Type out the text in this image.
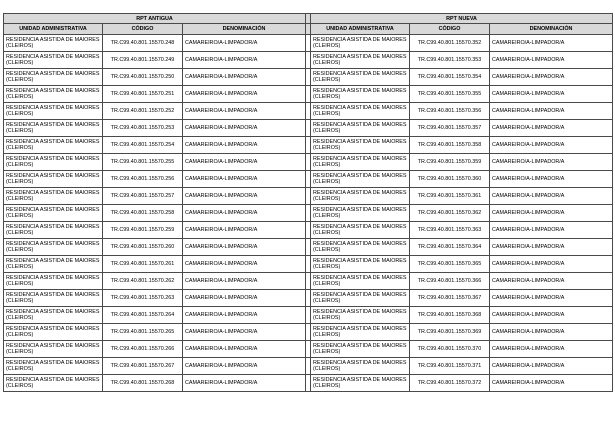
RPT ANTIGUA				RPT NUEVA		
UNIDAD ADMINISTRATIVA	CÓDIGO	DENOMINACIÓN		UNIDAD ADMINISTRATIVA	CÓDIGO	DENOMINACIÓN
RESIDENCIA ASISTIDA DE MAIORES (CLEIROS)	TR.C99.40.801.15570.248	CAMAREIRO/A-LIMPADOR/A		RESIDENCIA ASISTIDA DE MAIORES (CLEIROS)	TR.C99.40.801.15570.352	CAMAREIRO/A-LIMPADOR/A
RESIDENCIA ASISTIDA DE MAIORES (CLEIROS)	TR.C99.40.801.15570.249	CAMAREIRO/A-LIMPADOR/A		RESIDENCIA ASISTIDA DE MAIORES (CLEIROS)	TR.C99.40.801.15570.353	CAMAREIRO/A-LIMPADOR/A
RESIDENCIA ASISTIDA DE MAIORES (CLEIROS)	TR.C99.40.801.15570.250	CAMAREIRO/A-LIMPADOR/A		RESIDENCIA ASISTIDA DE MAIORES (CLEIROS)	TR.C99.40.801.15570.354	CAMAREIRO/A-LIMPADOR/A
RESIDENCIA ASISTIDA DE MAIORES (CLEIROS)	TR.C99.40.801.15570.251	CAMAREIRO/A-LIMPADOR/A		RESIDENCIA ASISTIDA DE MAIORES (CLEIROS)	TR.C99.40.801.15570.355	CAMAREIRO/A-LIMPADOR/A
RESIDENCIA ASISTIDA DE MAIORES (CLEIROS)	TR.C99.40.801.15570.252	CAMAREIRO/A-LIMPADOR/A		RESIDENCIA ASISTIDA DE MAIORES (CLEIROS)	TR.C99.40.801.15570.356	CAMAREIRO/A-LIMPADOR/A
RESIDENCIA ASISTIDA DE MAIORES (CLEIROS)	TR.C99.40.801.15570.253	CAMAREIRO/A-LIMPADOR/A		RESIDENCIA ASISTIDA DE MAIORES (CLEIROS)	TR.C99.40.801.15570.357	CAMAREIRO/A-LIMPADOR/A
RESIDENCIA ASISTIDA DE MAIORES (CLEIROS)	TR.C99.40.801.15570.254	CAMAREIRO/A-LIMPADOR/A		RESIDENCIA ASISTIDA DE MAIORES (CLEIROS)	TR.C99.40.801.15570.358	CAMAREIRO/A-LIMPADOR/A
RESIDENCIA ASISTIDA DE MAIORES (CLEIROS)	TR.C99.40.801.15570.255	CAMAREIRO/A-LIMPADOR/A		RESIDENCIA ASISTIDA DE MAIORES (CLEIROS)	TR.C99.40.801.15570.359	CAMAREIRO/A-LIMPADOR/A
RESIDENCIA ASISTIDA DE MAIORES (CLEIROS)	TR.C99.40.801.15570.256	CAMAREIRO/A-LIMPADOR/A		RESIDENCIA ASISTIDA DE MAIORES (CLEIROS)	TR.C99.40.801.15570.360	CAMAREIRO/A-LIMPADOR/A
RESIDENCIA ASISTIDA DE MAIORES (CLEIROS)	TR.C99.40.801.15570.257	CAMAREIRO/A-LIMPADOR/A		RESIDENCIA ASISTIDA DE MAIORES (CLEIROS)	TR.C99.40.801.15570.361	CAMAREIRO/A-LIMPADOR/A
RESIDENCIA ASISTIDA DE MAIORES (CLEIROS)	TR.C99.40.801.15570.258	CAMAREIRO/A-LIMPADOR/A		RESIDENCIA ASISTIDA DE MAIORES (CLEIROS)	TR.C99.40.801.15570.362	CAMAREIRO/A-LIMPADOR/A
RESIDENCIA ASISTIDA DE MAIORES (CLEIROS)	TR.C99.40.801.15570.259	CAMAREIRO/A-LIMPADOR/A		RESIDENCIA ASISTIDA DE MAIORES (CLEIROS)	TR.C99.40.801.15570.363	CAMAREIRO/A-LIMPADOR/A
RESIDENCIA ASISTIDA DE MAIORES (CLEIROS)	TR.C99.40.801.15570.260	CAMAREIRO/A-LIMPADOR/A		RESIDENCIA ASISTIDA DE MAIORES (CLEIROS)	TR.C99.40.801.15570.364	CAMAREIRO/A-LIMPADOR/A
RESIDENCIA ASISTIDA DE MAIORES (CLEIROS)	TR.C99.40.801.15570.261	CAMAREIRO/A-LIMPADOR/A		RESIDENCIA ASISTIDA DE MAIORES (CLEIROS)	TR.C99.40.801.15570.365	CAMAREIRO/A-LIMPADOR/A
RESIDENCIA ASISTIDA DE MAIORES (CLEIROS)	TR.C99.40.801.15570.262	CAMAREIRO/A-LIMPADOR/A		RESIDENCIA ASISTIDA DE MAIORES (CLEIROS)	TR.C99.40.801.15570.366	CAMAREIRO/A-LIMPADOR/A
RESIDENCIA ASISTIDA DE MAIORES (CLEIROS)	TR.C99.40.801.15570.263	CAMAREIRO/A-LIMPADOR/A		RESIDENCIA ASISTIDA DE MAIORES (CLEIROS)	TR.C99.40.801.15570.367	CAMAREIRO/A-LIMPADOR/A
RESIDENCIA ASISTIDA DE MAIORES (CLEIROS)	TR.C99.40.801.15570.264	CAMAREIRO/A-LIMPADOR/A		RESIDENCIA ASISTIDA DE MAIORES (CLEIROS)	TR.C99.40.801.15570.368	CAMAREIRO/A-LIMPADOR/A
RESIDENCIA ASISTIDA DE MAIORES (CLEIROS)	TR.C99.40.801.15570.265	CAMAREIRO/A-LIMPADOR/A		RESIDENCIA ASISTIDA DE MAIORES (CLEIROS)	TR.C99.40.801.15570.369	CAMAREIRO/A-LIMPADOR/A
RESIDENCIA ASISTIDA DE MAIORES (CLEIROS)	TR.C99.40.801.15570.266	CAMAREIRO/A-LIMPADOR/A		RESIDENCIA ASISTIDA DE MAIORES (CLEIROS)	TR.C99.40.801.15570.370	CAMAREIRO/A-LIMPADOR/A
RESIDENCIA ASISTIDA DE MAIORES (CLEIROS)	TR.C99.40.801.15570.267	CAMAREIRO/A-LIMPADOR/A		RESIDENCIA ASISTIDA DE MAIORES (CLEIROS)	TR.C99.40.801.15570.371	CAMAREIRO/A-LIMPADOR/A
RESIDENCIA ASISTIDA DE MAIORES (CLEIROS)	TR.C99.40.801.15570.268	CAMAREIRO/A-LIMPADOR/A		RESIDENCIA ASISTIDA DE MAIORES (CLEIROS)	TR.C99.40.801.15570.372	CAMAREIRO/A-LIMPADOR/A
